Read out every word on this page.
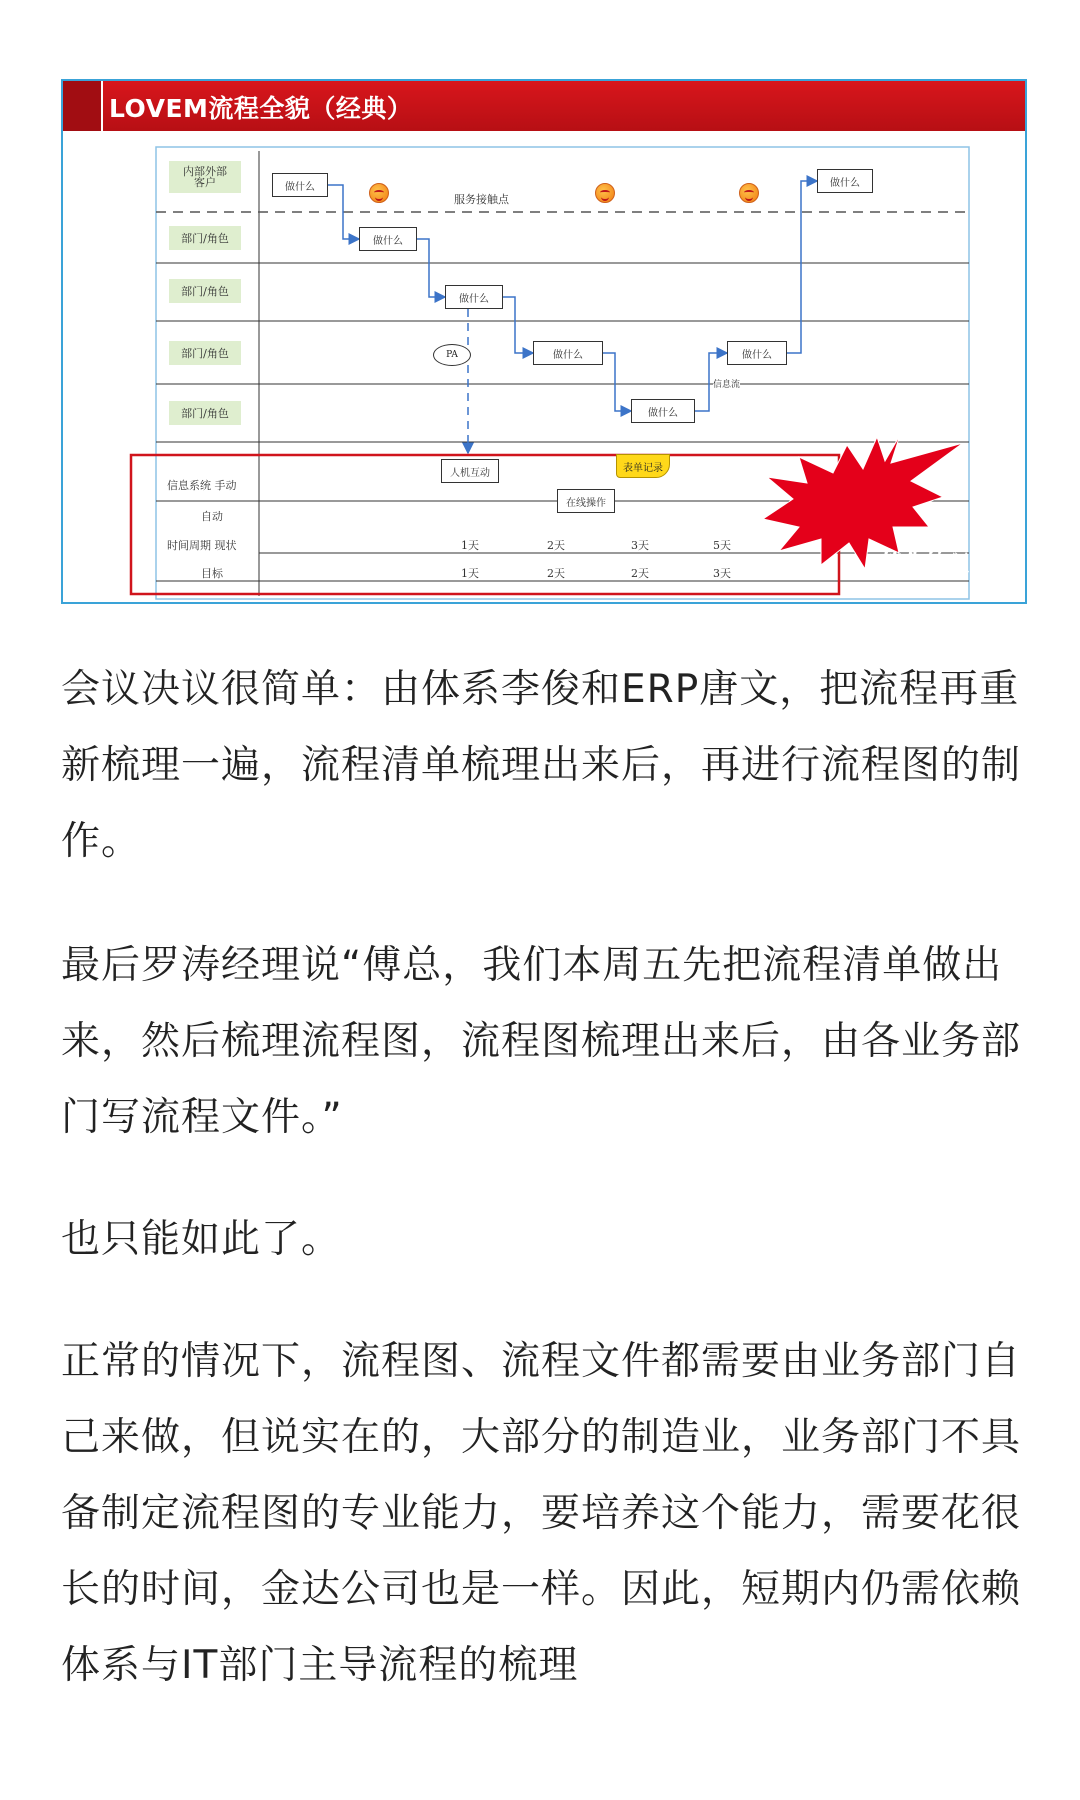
LOVEM流程全貌（经典）
内部外部
客户
部门/角色
部门/角色
部门/角色
部门/角色
服务接触点
做什么
做什么
做什么
做什么
做什么
做什么
做什么
PA
表单记录
信息流
信息系统 手动
自动
时间周期 现状
目标
人机互动
在线操作
1天	2天	3天	5天
1天	2天	2天	3天	简化处理

会议决议很简单：由体系李俊和ERP唐文，把流程再重新梳理一遍，流程清单梳理出来后，再进行流程图的制作。

最后罗涛经理说“傅总，我们本周五先把流程清单做出来，然后梳理流程图，流程图梳理出来后，由各业务部门写流程文件。”

也只能如此了。

正常的情况下，流程图、流程文件都需要由业务部门自己来做，但说实在的，大部分的制造业，业务部门不具备制定流程图的专业能力，要培养这个能力，需要花很长的时间，金达公司也是一样。因此，短期内仍需依赖体系与IT部门主导流程的梳理
